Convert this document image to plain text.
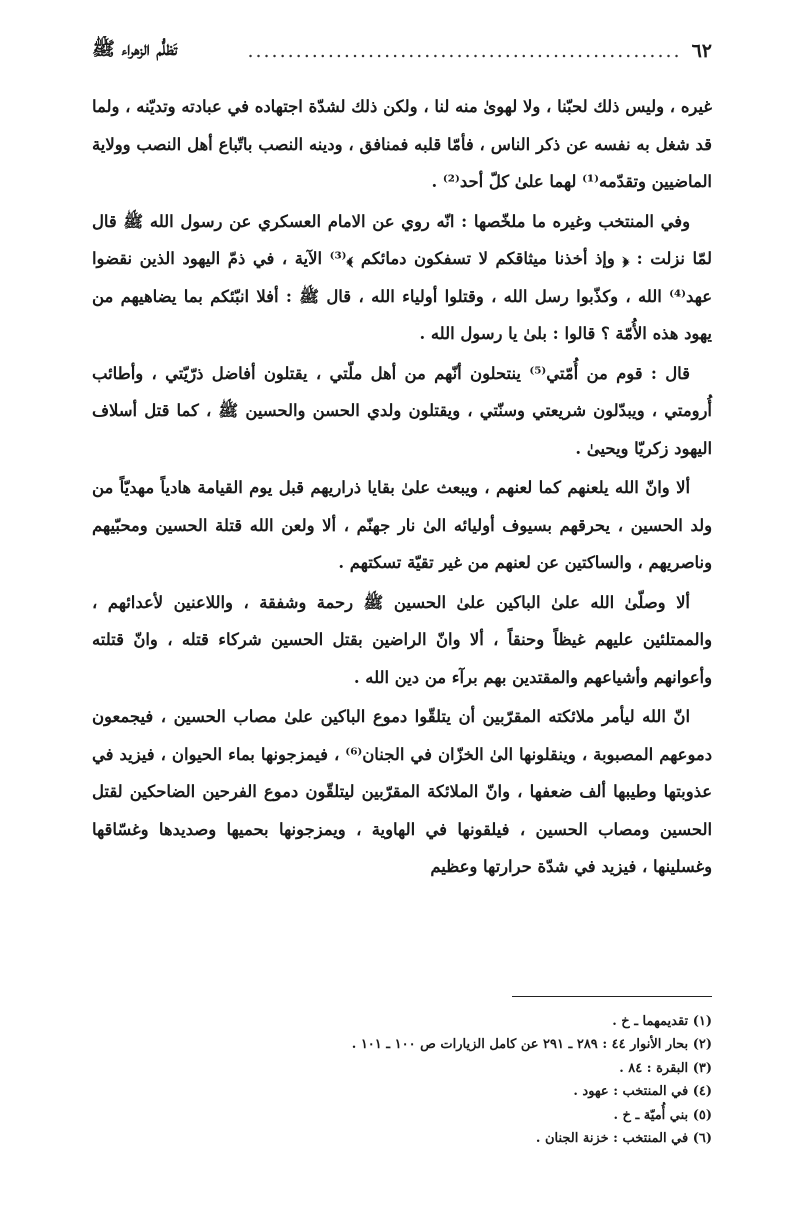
٦٢
......................................................
تَظلُّم الزهراء ﷺ

غيره ، وليس ذلك لحبّنا ، ولا لهوىٰ منه لنا ، ولكن ذلك لشدّة اجتهاده في عبادته وتديّنه ، ولما قد شغل به نفسه عن ذكر الناس ، فأمّا قلبه فمنافق ، ودينه النصب باتّباع أهل النصب وولاية الماضيين وتقدّمه⁽¹⁾ لهما علىٰ كلّ أحد⁽²⁾ .

وفي المنتخب وغيره ما ملخّصها : انّه روي عن الامام العسكري عن رسول الله ﷺ قال لمّا نزلت : ﴿ وإذ أخذنا ميثاقكم لا تسفكون دمائكم ﴾⁽³⁾ الآية ، في ذمّ اليهود الذين نقضوا عهد⁽⁴⁾ الله ، وكذّبوا رسل الله ، وقتلوا أولياء الله ، قال ﷺ : أفلا انبّئكم بما يضاهيهم من يهود هذه الأُمّة ؟ قالوا : بلىٰ يا رسول الله .

قال : قوم من أُمّتي⁽⁵⁾ ينتحلون أنّهم من أهل ملّتي ، يقتلون أفاضل ذرّيّتي ، وأطائب أُرومتي ، ويبدّلون شريعتي وسنّتي ، ويقتلون ولدي الحسن والحسين ﷺ ، كما قتل أسلاف اليهود زكريّا ويحيىٰ .

ألا وانّ الله يلعنهم كما لعنهم ، ويبعث علىٰ بقايا ذراريهم قبل يوم القيامة هادياً مهديّاً من ولد الحسين ، يحرقهم بسيوف أوليائه الىٰ نار جهنّم ، ألا ولعن الله قتلة الحسين ومحبّيهم وناصريهم ، والساكتين عن لعنهم من غير تقيّة تسكتهم .

ألا وصلّىٰ الله علىٰ الباكين علىٰ الحسين ﷺ رحمة وشفقة ، واللاعنين لأعدائهم ، والممتلئين عليهم غيظاً وحنقاً ، ألا وانّ الراضين بقتل الحسين شركاء قتله ، وانّ قتلته وأعوانهم وأشياعهم والمقتدين بهم برآء من دين الله .

انّ الله ليأمر ملائكته المقرّبين أن يتلقّوا دموع الباكين علىٰ مصاب الحسين ، فيجمعون دموعهم المصبوبة ، وينقلونها الىٰ الخزّان في الجنان⁽⁶⁾ ، فيمزجونها بماء الحيوان ، فيزيد في عذوبتها وطيبها ألف ضعفها ، وانّ الملائكة المقرّبين ليتلقّون دموع الفرحين الضاحكين لقتل الحسين ومصاب الحسين ، فيلقونها في الهاوية ، ويمزجونها بحميها وصديدها وغسّاقها وغسلينها ، فيزيد في شدّة حرارتها وعظيم

(١) تقديمهما ـ خ .
(٢) بحار الأنوار ٤٤ : ٢٨٩ ـ ٢٩١ عن كامل الزيارات ص ١٠٠ ـ ١٠١ .
(٣) البقرة : ٨٤ .
(٤) في المنتخب : عهود .
(٥) بني أُميّة ـ خ .
(٦) في المنتخب : خزنة الجنان .
